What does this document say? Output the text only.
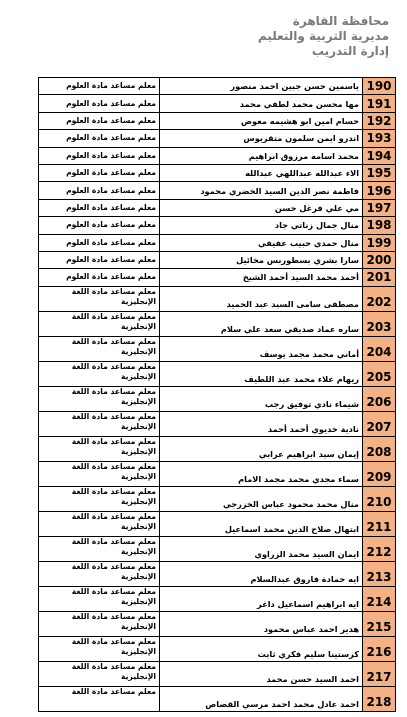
محافظة القاهرة
مديرية التربية والتعليم
إدارة التدريب
معلم مساعد مادة العلوم	ياسمين حسن جبين احمد منصور	190
معلم مساعد مادة العلوم	مها محسن محمد لطفي محمد	191
معلم مساعد مادة العلوم	حسام امين ابو هشيمه معوض	192
معلم مساعد مادة العلوم	اندرو ايمن سلمون متقريوس	193
معلم مساعد مادة العلوم	محمد اسامه مرزوق ابراهيم	194
معلم مساعد مادة العلوم	الاء عبدالله عبداللهي عبدالله	195
معلم مساعد مادة العلوم	فاطمة نصر الدين السيد الخضري محمود	196
معلم مساعد مادة العلوم	مي علي فرغل حسن	197
معلم مساعد مادة العلوم	منال جمال زناتي جاد	198
معلم مساعد مادة العلوم	منال حمدي حبيب عفيفي	199
معلم مساعد مادة العلوم	سارا بشري بسطوربس مخائيل	200
معلم مساعد مادة العلوم	أحمد محمد السيد أحمد الشيخ	201
معلم مساعد مادة اللغة الإنجليزية	مصطفى سامى السيد عبد الحميد	202
معلم مساعد مادة اللغة الإنجليزية	ساره عماد صديقي سعد علي سلام	203
معلم مساعد مادة اللغة الإنجليزية	أماني محمد مجمد يوسف	204
معلم مساعد مادة اللغة الإنجليزية	ريهام علاء محمد عبد اللطيف	205
معلم مساعد مادة اللغة الإنجليزية	شيماء نادي توفيق رجب	206
معلم مساعد مادة اللغة الإنجليزية	نادية خديوي أحمد أحمد	207
معلم مساعد مادة اللغة الإنجليزية	إيمان سيد ابراهيم عرابي	208
معلم مساعد مادة اللغة الإنجليزية	سماء مجدي محمد مجمد الامام	209
معلم مساعد مادة اللغة الإنجليزية	منال محمد محمود عباس الخزرجي	210
معلم مساعد مادة اللغة الإنجليزية	ابتهال صلاح الدين محمد اسماعيل	211
معلم مساعد مادة اللغة الإنجليزية	ايمان السيد محمد الزراوي	212
معلم مساعد مادة اللغة الإنجليزية	ايه حمادة فاروق عبدالسلام	213
معلم مساعد مادة اللغة الإنجليزية	ايه ابراهيم اسماعيل داغر	214
معلم مساعد مادة اللغة الإنجليزية	هدير احمد عباس محمود	215
معلم مساعد مادة اللغة الإنجليزية	كرستينا سليم فكري ثابت	216
معلم مساعد مادة اللغة الإنجليزية	احمد السيد حسن محمد	217
معلم مساعد مادة اللغة	احمد عادل محمد احمد مرسي القصاص	218
